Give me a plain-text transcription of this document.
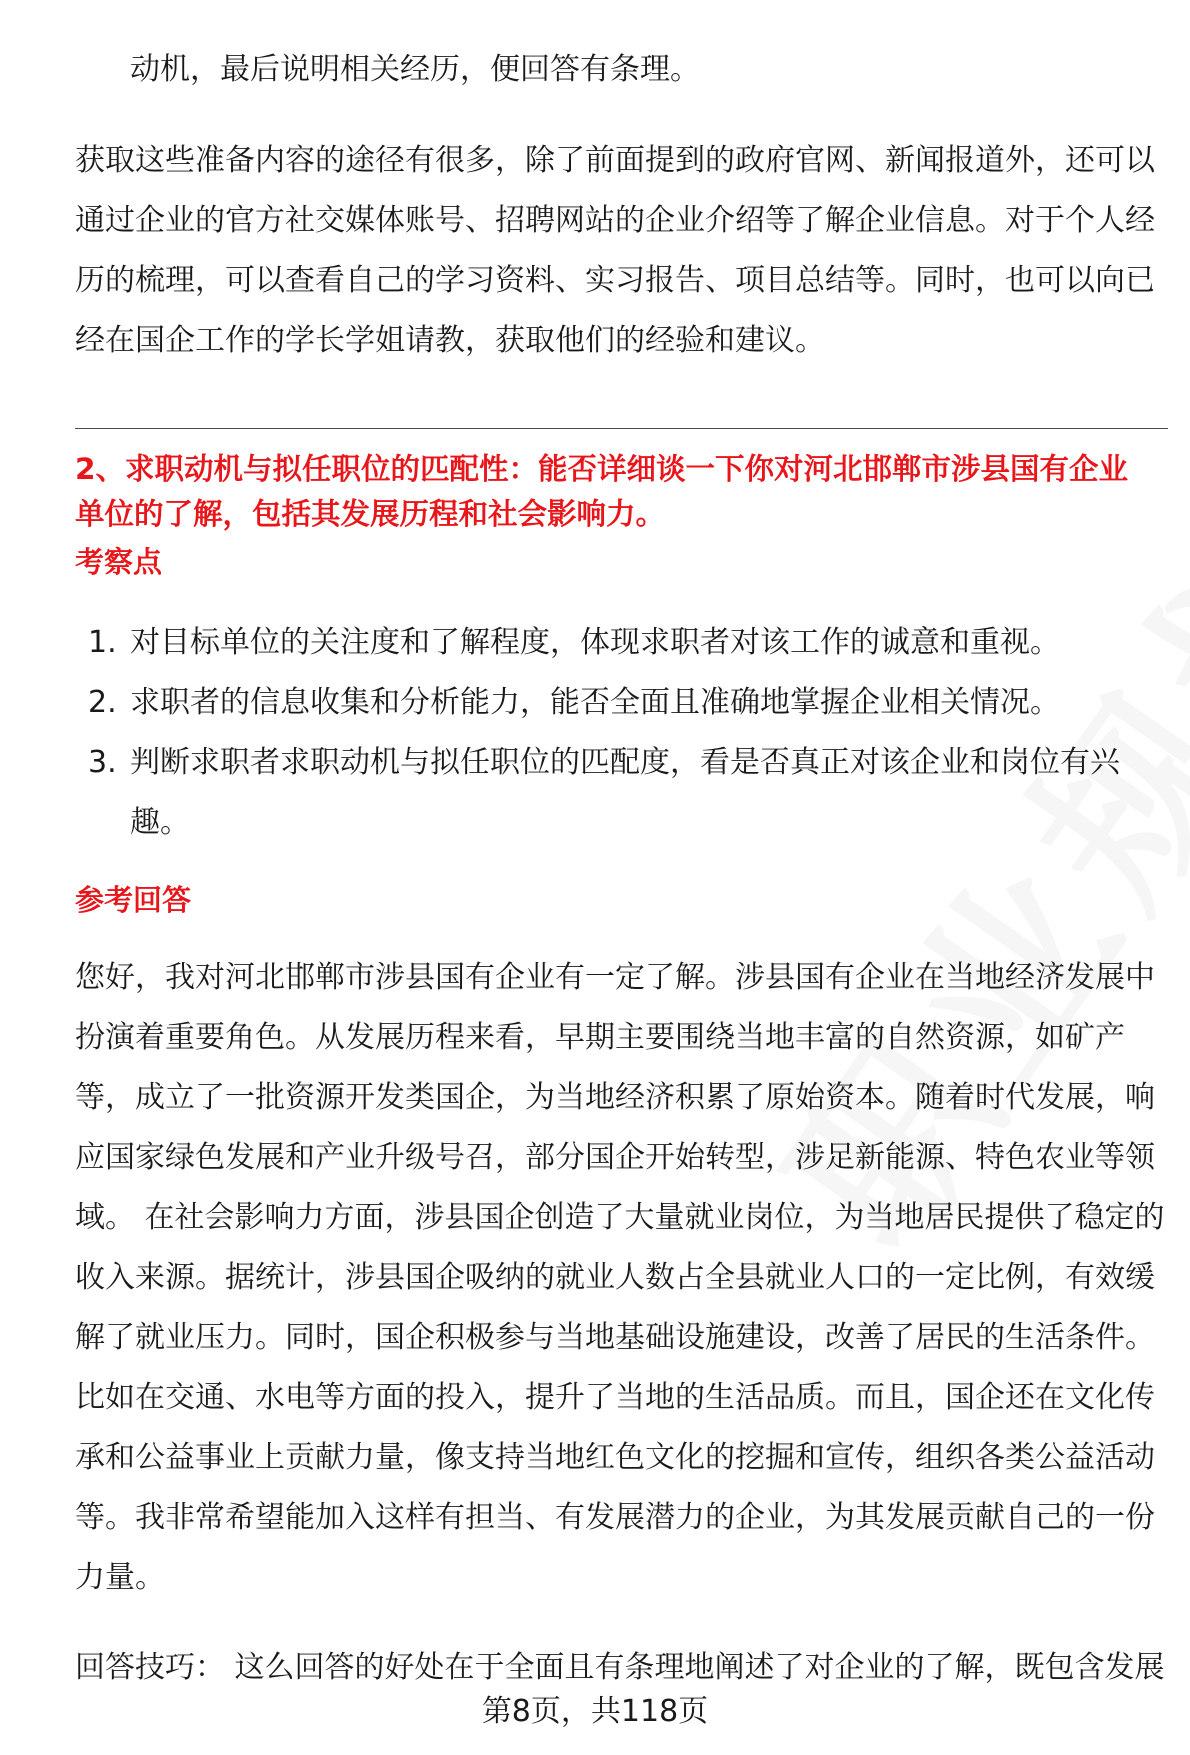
动机，最后说明相关经历，便回答有条理。
获取这些准备内容的途径有很多，除了前面提到的政府官网、新闻报道外，还可以
通过企业的官方社交媒体账号、招聘网站的企业介绍等了解企业信息。对于个人经
历的梳理，可以查看自己的学习资料、实习报告、项目总结等。同时，也可以向已
经在国企工作的学长学姐请教，获取他们的经验和建议。
2、求职动机与拟任职位的匹配性：能否详细谈一下你对河北邯郸市涉县国有企业
单位的了解，包括其发展历程和社会影响力。
考察点
1. 对目标单位的关注度和了解程度，体现求职者对该工作的诚意和重视。
2. 求职者的信息收集和分析能力，能否全面且准确地掌握企业相关情况。
3. 判断求职者求职动机与拟任职位的匹配度，看是否真正对该企业和岗位有兴
趣。
参考回答
您好，我对河北邯郸市涉县国有企业有一定了解。涉县国有企业在当地经济发展中
扮演着重要角色。从发展历程来看，早期主要围绕当地丰富的自然资源，如矿产
等，成立了一批资源开发类国企，为当地经济积累了原始资本。随着时代发展，响
应国家绿色发展和产业升级号召，部分国企开始转型，涉足新能源、特色农业等领
域。 在社会影响力方面，涉县国企创造了大量就业岗位，为当地居民提供了稳定的
收入来源。据统计，涉县国企吸纳的就业人数占全县就业人口的一定比例，有效缓
解了就业压力。同时，国企积极参与当地基础设施建设，改善了居民的生活条件。
比如在交通、水电等方面的投入，提升了当地的生活品质。而且，国企还在文化传
承和公益事业上贡献力量，像支持当地红色文化的挖掘和宣传，组织各类公益活动
等。我非常希望能加入这样有担当、有发展潜力的企业，为其发展贡献自己的一份
力量。
回答技巧： 这么回答的好处在于全面且有条理地阐述了对企业的了解，既包含发展
第8页，共118页
